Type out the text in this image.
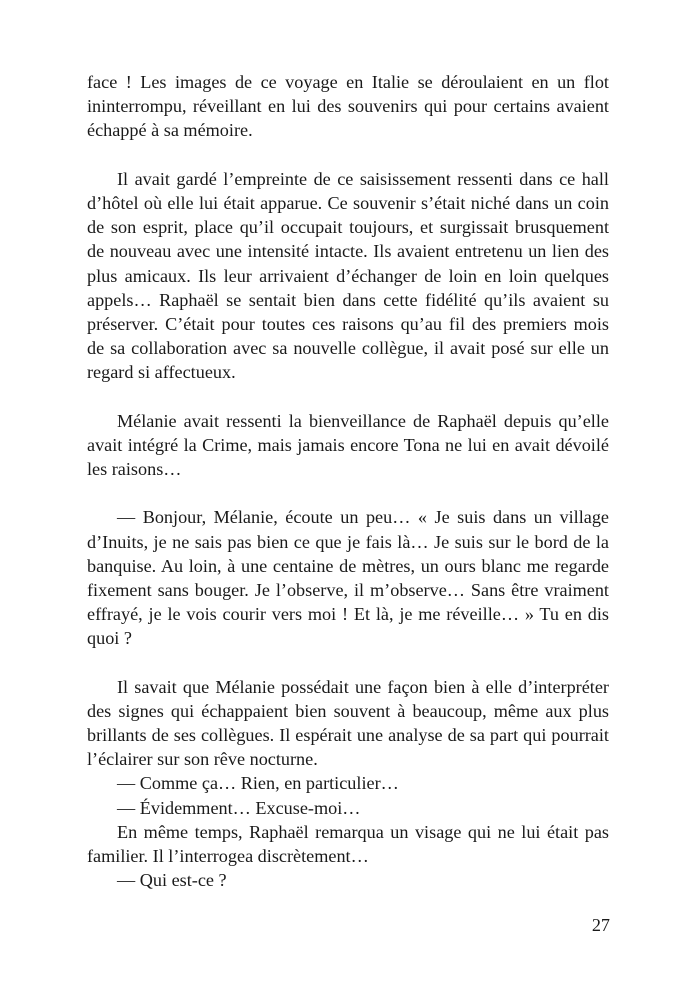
face ! Les images de ce voyage en Italie se déroulaient en un flot

ininterrompu, réveillant en lui des souvenirs qui pour certains avaient

échappé à sa mémoire.

Il avait gardé l’empreinte de ce saisissement ressenti dans ce hall

d’hôtel où elle lui était apparue. Ce souvenir s’était niché dans un coin

de son esprit, place qu’il occupait toujours, et surgissait brusquement

de nouveau avec une intensité intacte. Ils avaient entretenu un lien des

plus amicaux. Ils leur arrivaient d’échanger de loin en loin quelques

appels… Raphaël se sentait bien dans cette fidélité qu’ils avaient su

préserver. C’était pour toutes ces raisons qu’au fil des premiers mois

de sa collaboration avec sa nouvelle collègue, il avait posé sur elle un

regard si affectueux.

Mélanie avait ressenti la bienveillance de Raphaël depuis qu’elle

avait intégré la Crime, mais jamais encore Tona ne lui en avait dévoilé

les raisons…

— Bonjour, Mélanie, écoute un peu… « Je suis dans un village

d’Inuits, je ne sais pas bien ce que je fais là… Je suis sur le bord de la

banquise. Au loin, à une centaine de mètres, un ours blanc me regarde

fixement sans bouger. Je l’observe, il m’observe… Sans être vraiment

effrayé, je le vois courir vers moi ! Et là, je me réveille… » Tu en dis

quoi ?

Il savait que Mélanie possédait une façon bien à elle d’interpréter

des signes qui échappaient bien souvent à beaucoup, même aux plus

brillants de ses collègues. Il espérait une analyse de sa part qui pourrait

l’éclairer sur son rêve nocturne.

— Comme ça… Rien, en particulier…

— Évidemment… Excuse-moi…

En même temps, Raphaël remarqua un visage qui ne lui était pas

familier. Il l’interrogea discrètement…

— Qui est-ce ?

27
